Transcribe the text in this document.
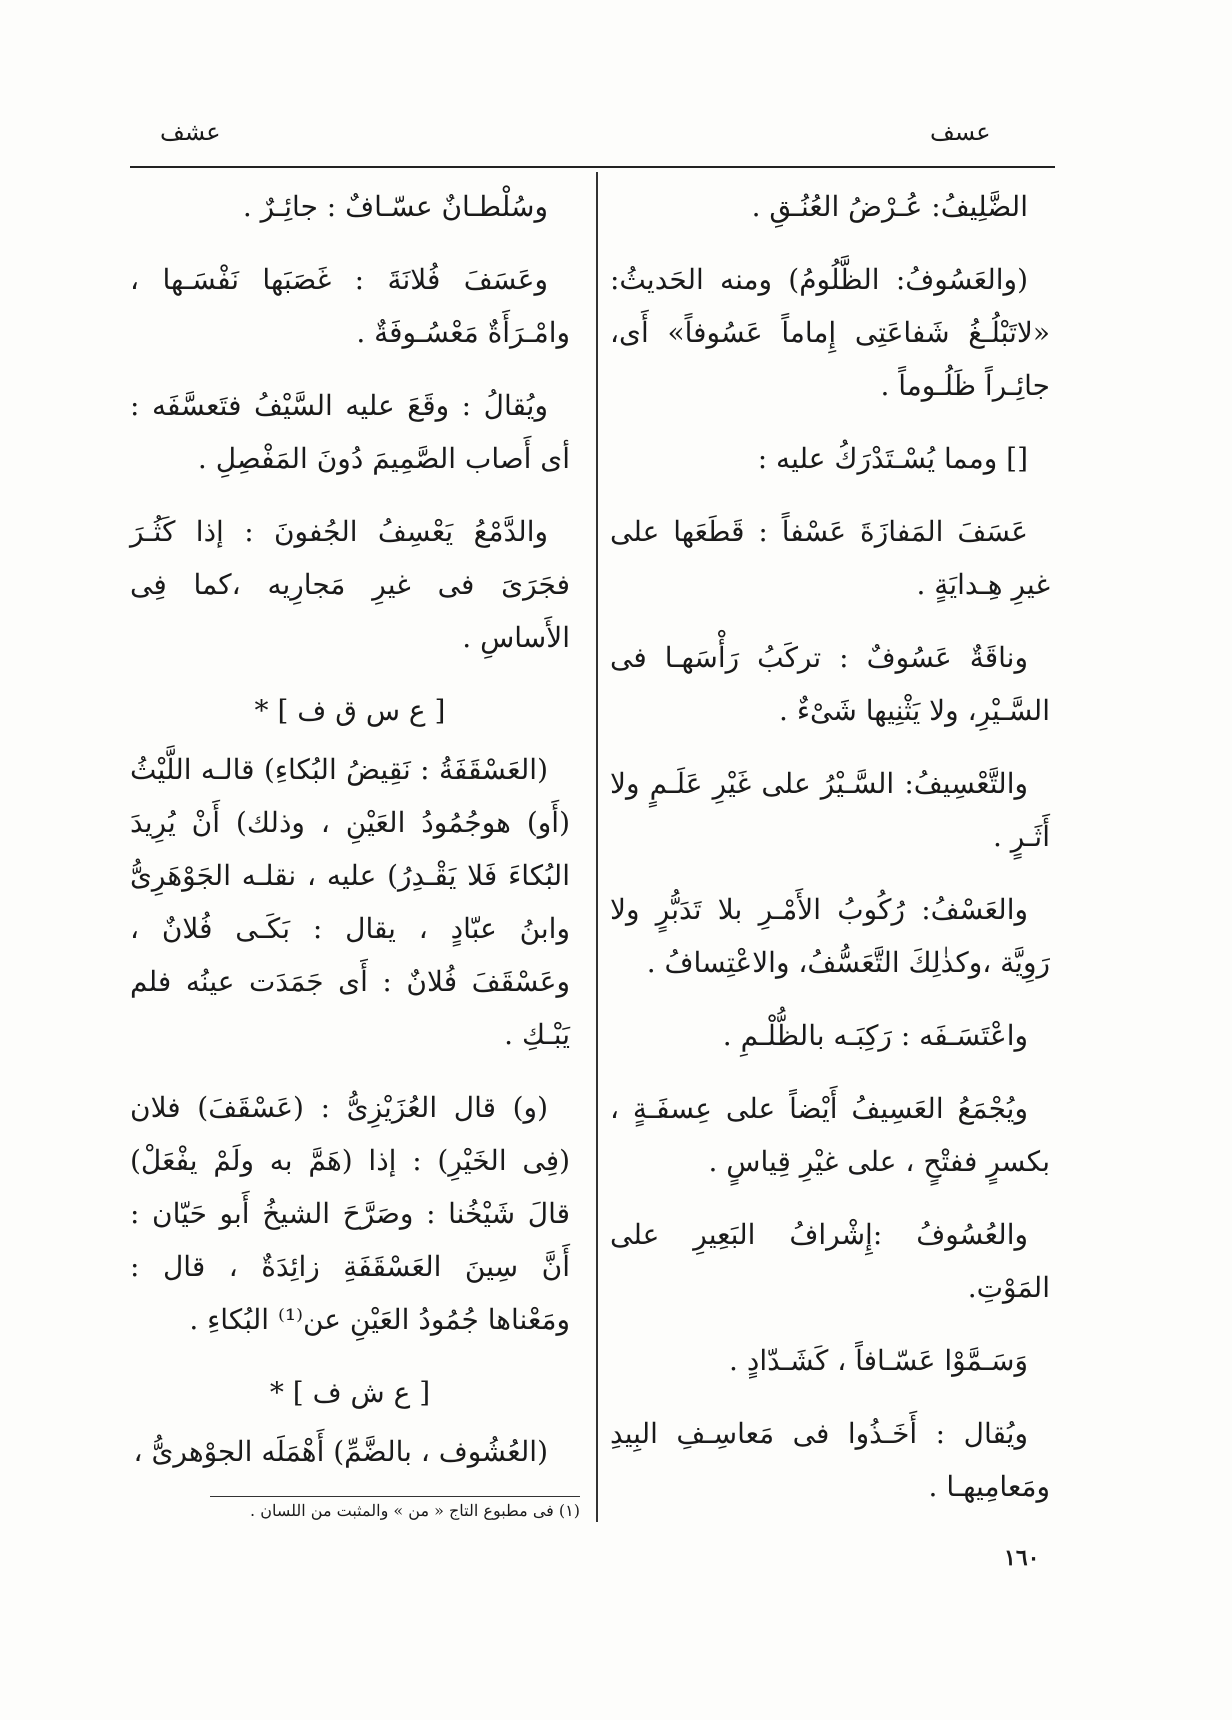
عسف
عشف

الضَّلِيفُ: عُـرْضُ العُنُـقِ .

(والعَسُوفُ: الظَّلُومُ) ومنه الحَديثُ: «لاتَبْلُـغُ شَفاعَتِى إِماماً عَسُوفاً» أَى، جائِـراً ظَلُـوماً .

[] ومما يُسْـتَدْرَكُ عليه :

عَسَفَ المَفازَةَ عَسْفاً : قَطَعَها على غيرِ هِـدايَةٍ .

وناقَةٌ عَسُوفٌ : تركَبُ رَأْسَهـا فى السَّـيْرِ، ولا يَثْنِيها شَىْءٌ .

والتَّعْسِيفُ: السَّـيْرُ على غَيْرِ عَلَـمٍ ولا أَثَـرٍ .

والعَسْفُ: رُكُوبُ الأَمْـرِ بلا تَدَبُّرٍ ولا رَوِيَّة ،وكذٰلِكَ التَّعَسُّفُ، والاعْتِسافُ .

واعْتَسَـفَه : رَكِبَـه بالظُّلْـمِ .

ويُجْمَعُ العَسِيفُ أَيْضاً على عِسفَـةٍ ، بكسرٍ ففتْحٍ ، على غيْرِ قِياسٍ .

والعُسُوفُ :إِشْرافُ البَعِيرِ على المَوْتِ.

وَسَـمَّوْا عَسّـافاً ، كَشَـدّادٍ .

ويُقال : أَخَـذُوا فى مَعاسِـفِ البِيدِ ومَعامِيهـا .

وسُلْطـانٌ عسّـافٌ : جائِـرٌ .

وعَسَفَ فُلانَةَ : غَصَبَها نَفْسَـها ، وامْـرَأَةٌ مَعْسُـوفَةٌ .

ويُقالُ : وقَعَ عليه السَّيْفُ فتَعسَّفَه : أى أَصاب الصَّمِيمَ دُونَ المَفْصِلِ .

والدَّمْعُ يَعْسِفُ الجُفونَ : إذا كَثُـرَ فجَرَىَ فى غيرِ مَجارِيه ،كما فِى الأَساسِ .

[ ع س ق ف ] *

(العَسْقَفَةُ : نَقِيضُ البُكاءِ) قالـه اللَّيْثُ (أَو) هوجُمُودُ العَيْنِ ، وذلك) أَنْ يُرِيدَ البُكاءَ فَلا يَقْـدِرُ) عليه ، نقلـه الجَوْهَرِىُّ وابنُ عبّادٍ ، يقال : بَكَـى فُلانٌ ، وعَسْقَفَ فُلانٌ : أَى جَمَدَت عينُه فلم يَبْـكِ .

(و) قال العُزَيْزِىُّ : (عَسْقَفَ) فلان (فِى الخَيْرِ) : إذا (هَمَّ به ولَمْ يفْعَلْ) قالَ شَيْخُنا : وصَرَّحَ الشيخُ أَبو حَيّان : أَنَّ سِينَ العَسْقَفَةِ زائِدَةٌ ، قال : ومَعْناها جُمُودُ العَيْنِ عن⁽¹⁾ البُكاءِ .

[ ع ش ف ] *

(العُشُوف ، بالضَّمِّ) أَهْمَلَه الجوْهرىُّ ،

(١) فى مطبوع التاج « من » والمثبت من اللسان .
١٦٠
